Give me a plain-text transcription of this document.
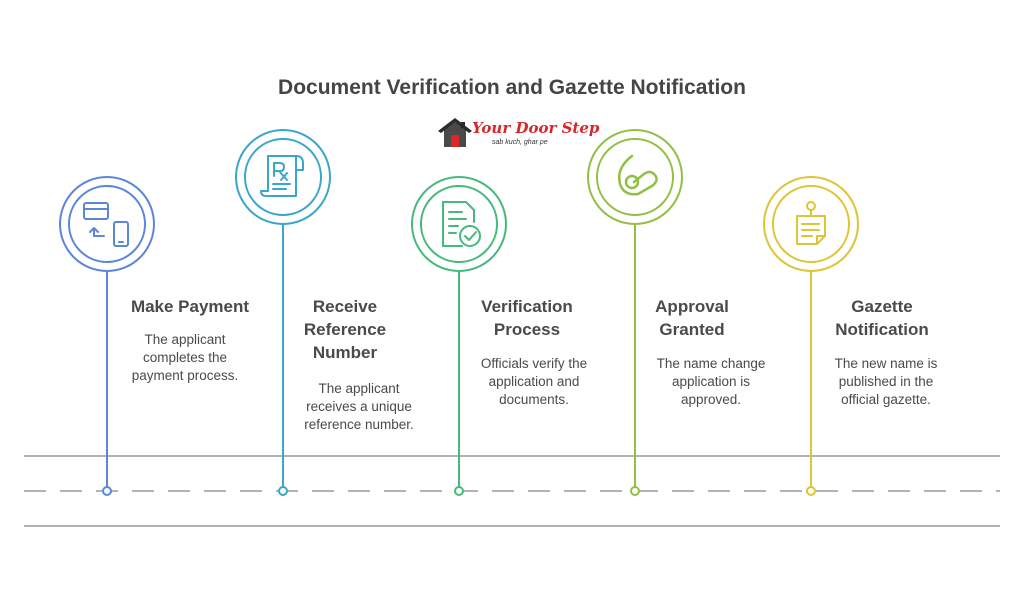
Document Verification and Gazette Notification
Your Door Step
sab kuch, ghar pe
Make Payment
The applicant
completes the
payment process.
Receive
Reference
Number
The applicant
receives a unique
reference number.
Verification
Process
Officials verify the
application and
documents.
Approval
Granted
The name change
application is
approved.
Gazette
Notification
The new name is
published in the
official gazette.
